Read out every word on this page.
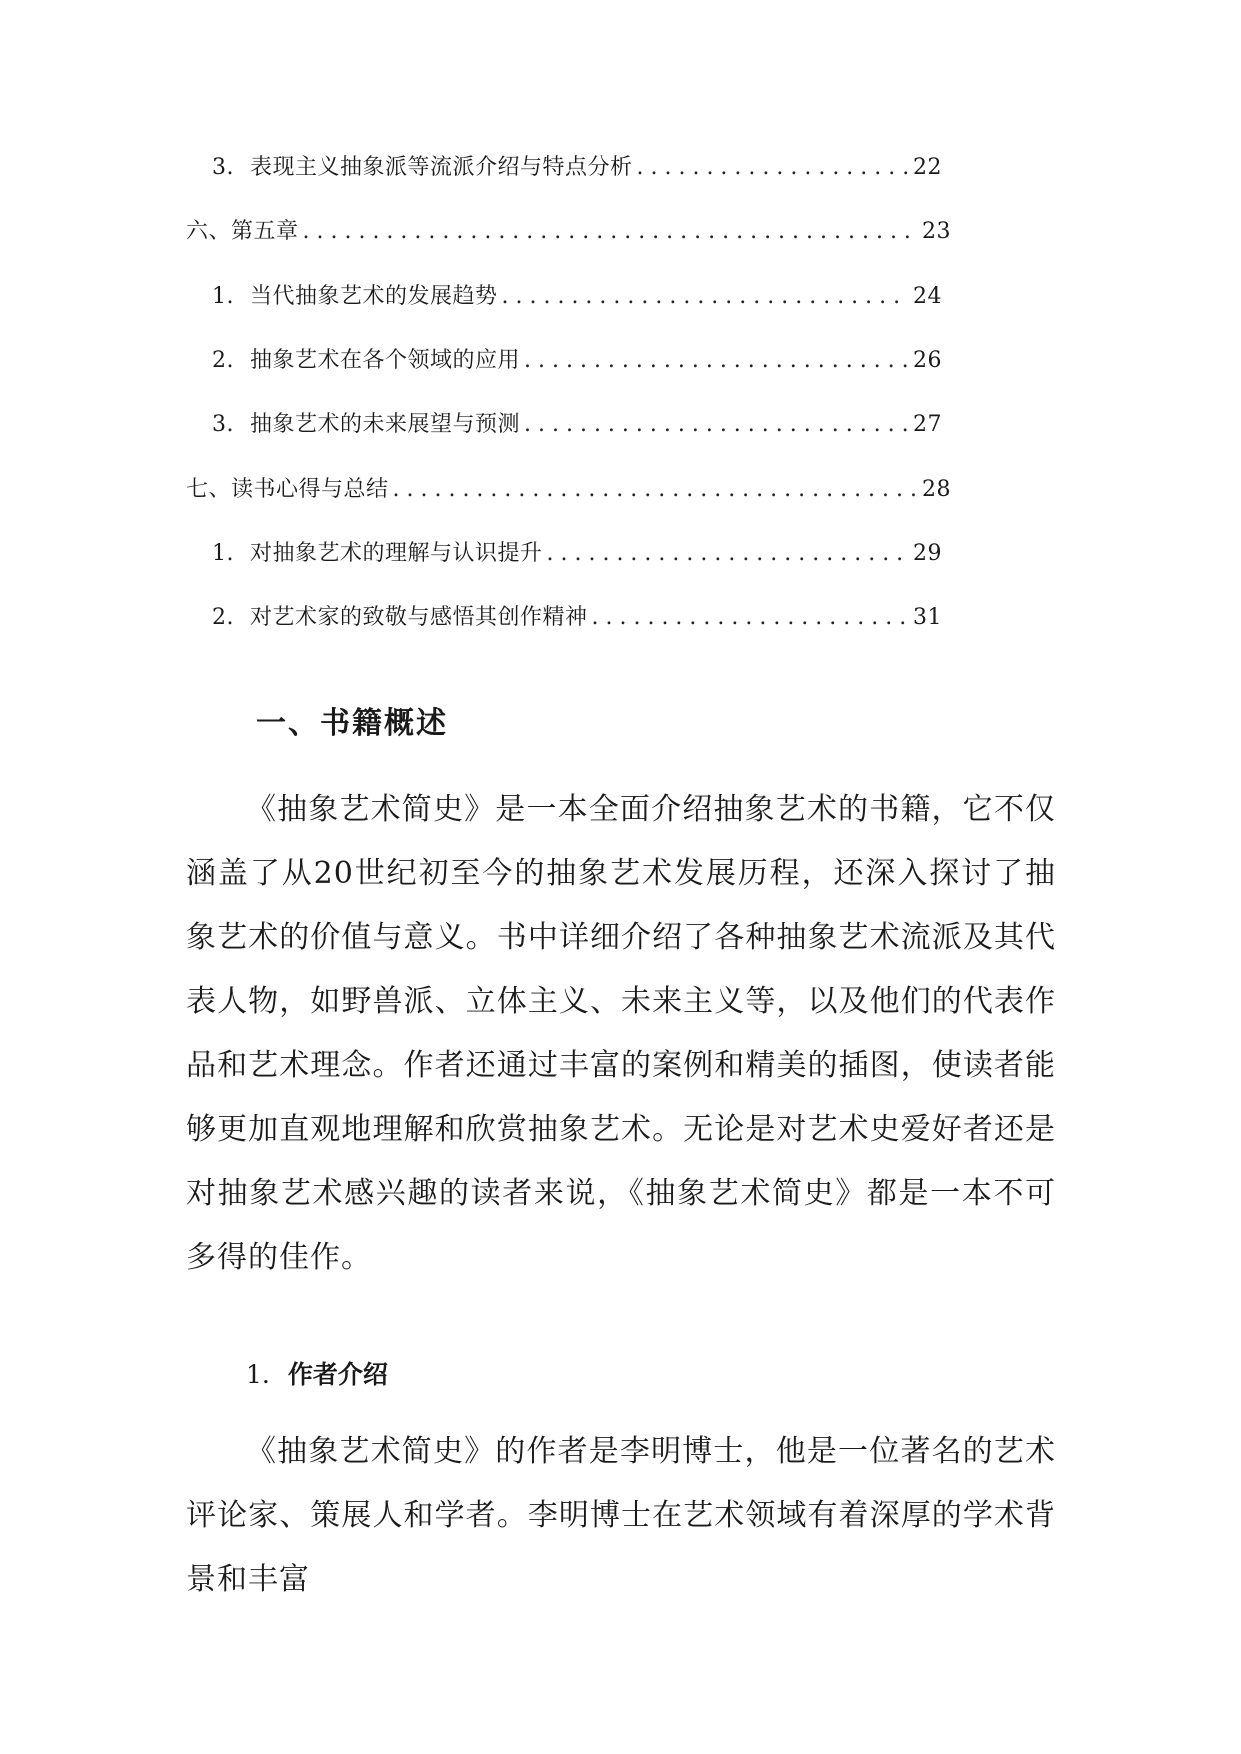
3. 表现主义抽象派等流派介绍与特点分析 . . .	22
六、第五章 . . .	23
1. 当代抽象艺术的发展趋势 . . .	24
2. 抽象艺术在各个领域的应用 . . .	26
3. 抽象艺术的未来展望与预测 . . .	27
七、读书心得与总结 . . .	28
1. 对抽象艺术的理解与认识提升 . . .	29
2. 对艺术家的致敬与感悟其创作精神 . . .	31
一、书籍概述

《抽象艺术简史》是一本全面介绍抽象艺术的书籍，它不仅涵盖了从20世纪初至今的抽象艺术发展历程，还深入探讨了抽象艺术的价值与意义。书中详细介绍了各种抽象艺术流派及其代表人物，如野兽派、立体主义、未来主义等，以及他们的代表作品和艺术理念。作者还通过丰富的案例和精美的插图，使读者能够更加直观地理解和欣赏抽象艺术。无论是对艺术史爱好者还是对抽象艺术感兴趣的读者来说，《抽象艺术简史》都是一本不可多得的佳作。

1. 作者介绍

《抽象艺术简史》的作者是李明博士，他是一位著名的艺术评论家、策展人和学者。李明博士在艺术领域有着深厚的学术背景和丰富
